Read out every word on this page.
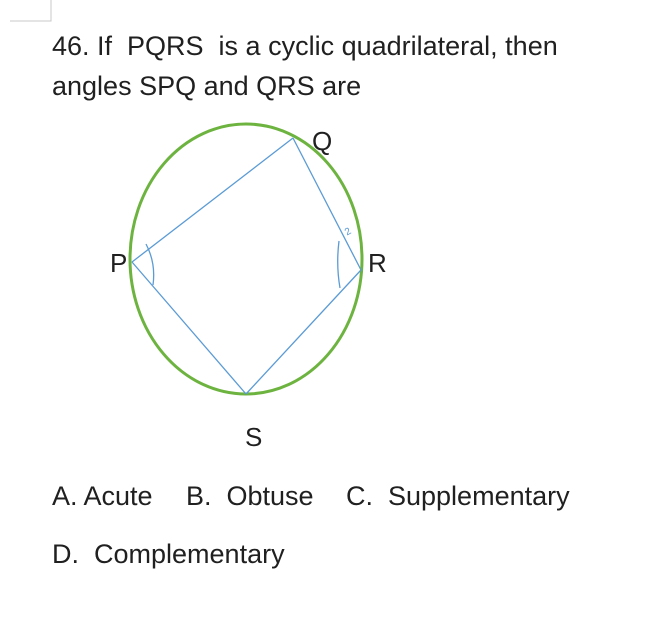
46. If  PQRS  is a cyclic quadrilateral, then
angles SPQ and QRS are
2
P
Q
R
S

A. Acute

B.  Obtuse

C.  Supplementary

D.  Complementary
